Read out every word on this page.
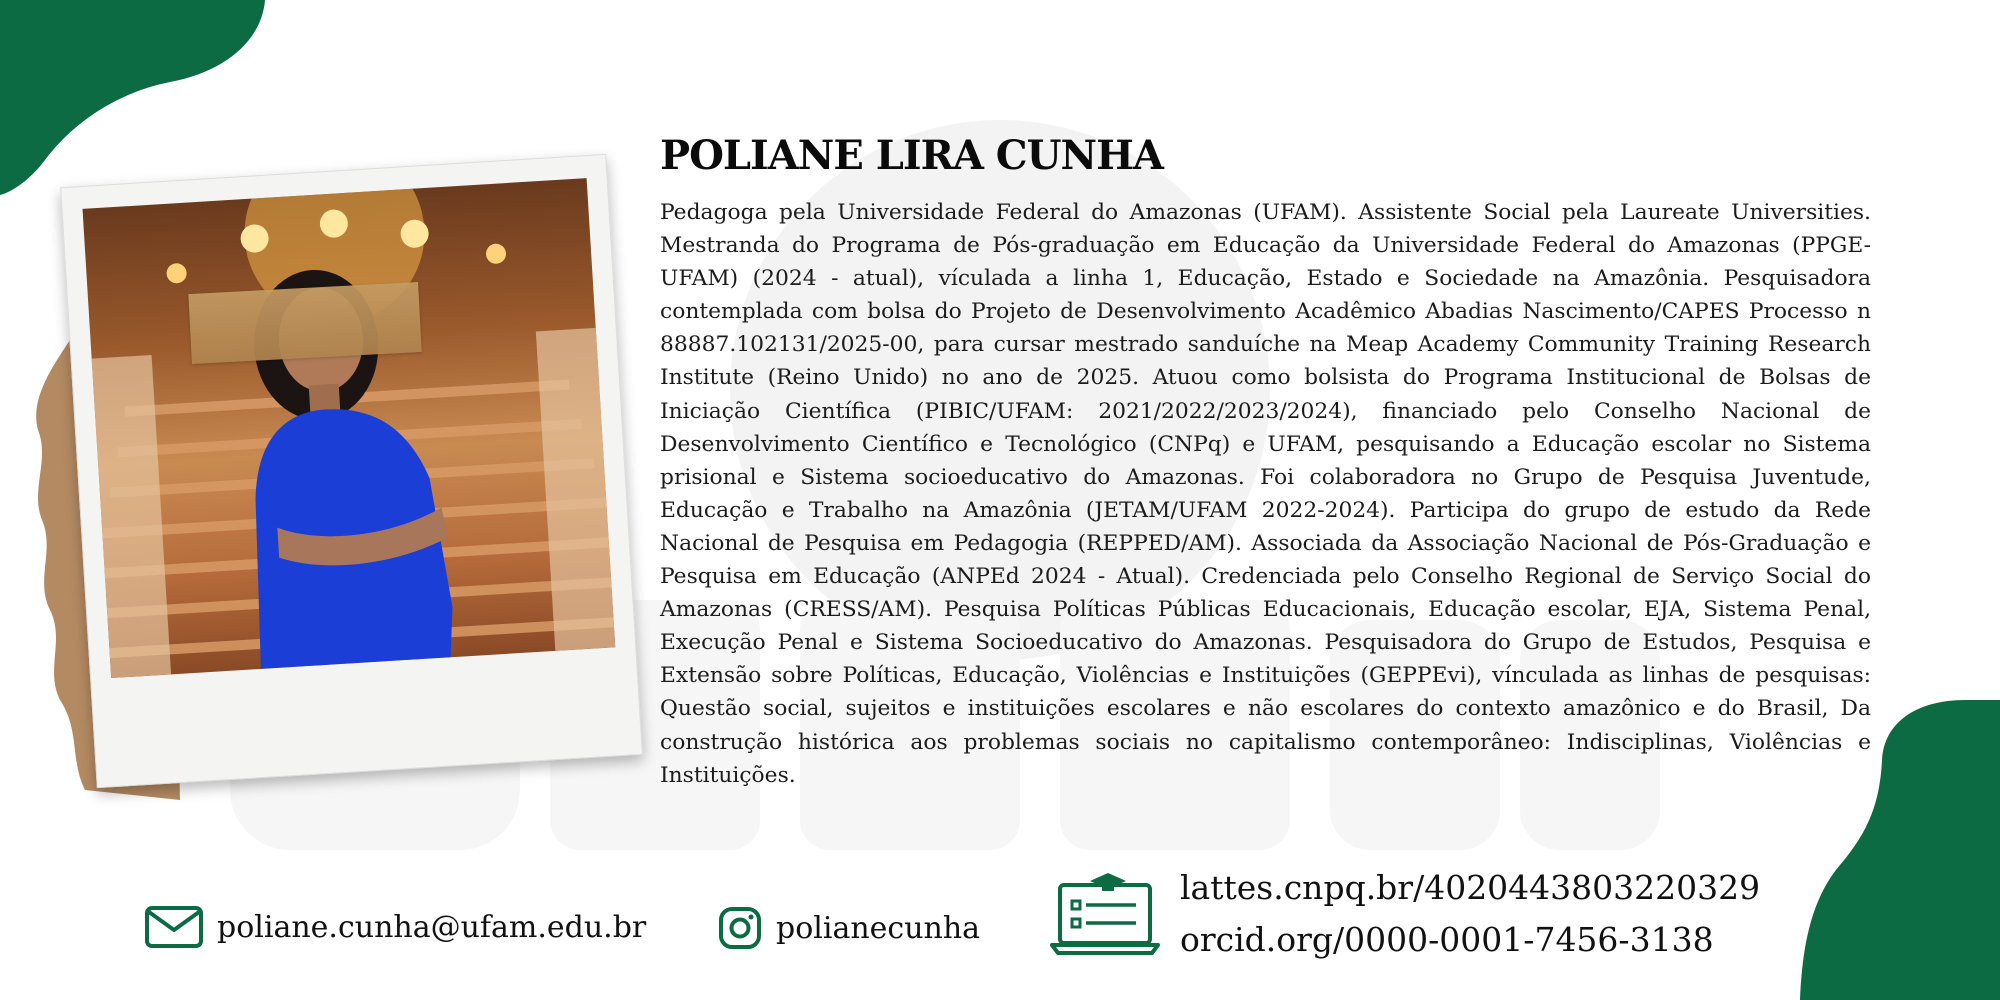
POLIANE LIRA CUNHA
Pedagoga pela Universidade Federal do Amazonas (UFAM). Assistente Social pela Laureate Universities. Mestranda do Programa de Pós-graduação em Educação da Universidade Federal do Amazonas (PPGE-UFAM) (2024 - atual), vículada a linha 1, Educação, Estado e Sociedade na Amazônia. Pesquisadora contemplada com bolsa do Projeto de Desenvolvimento Acadêmico Abadias Nascimento/CAPES Processo n 88887.102131/2025-00, para cursar mestrado sanduíche na Meap Academy Community Training Research Institute (Reino Unido) no ano de 2025. Atuou como bolsista do Programa Institucional de Bolsas de Iniciação Científica (PIBIC/UFAM: 2021/2022/2023/2024), financiado pelo Conselho Nacional de Desenvolvimento Científico e Tecnológico (CNPq) e UFAM, pesquisando a Educação escolar no Sistema prisional e Sistema socioeducativo do Amazonas. Foi colaboradora no Grupo de Pesquisa Juventude, Educação e Trabalho na Amazônia (JETAM/UFAM 2022-2024). Participa do grupo de estudo da Rede Nacional de Pesquisa em Pedagogia (REPPED/AM). Associada da Associação Nacional de Pós-Graduação e Pesquisa em Educação (ANPEd 2024 - Atual). Credenciada pelo Conselho Regional de Serviço Social do Amazonas (CRESS/AM). Pesquisa Políticas Públicas Educacionais, Educação escolar, EJA, Sistema Penal, Execução Penal e Sistema Socioeducativo do Amazonas. Pesquisadora do Grupo de Estudos, Pesquisa e Extensão sobre Políticas, Educação, Violências e Instituições (GEPPEvi), vínculada as linhas de pesquisas: Questão social, sujeitos e instituições escolares e não escolares do contexto amazônico e do Brasil, Da construção histórica aos problemas sociais no capitalismo contemporâneo: Indisciplinas, Violências e Instituições.
poliane.cunha@ufam.edu.br	polianecunha
lattes.cnpq.br/4020443803220329
orcid.org/0000-0001-7456-3138
